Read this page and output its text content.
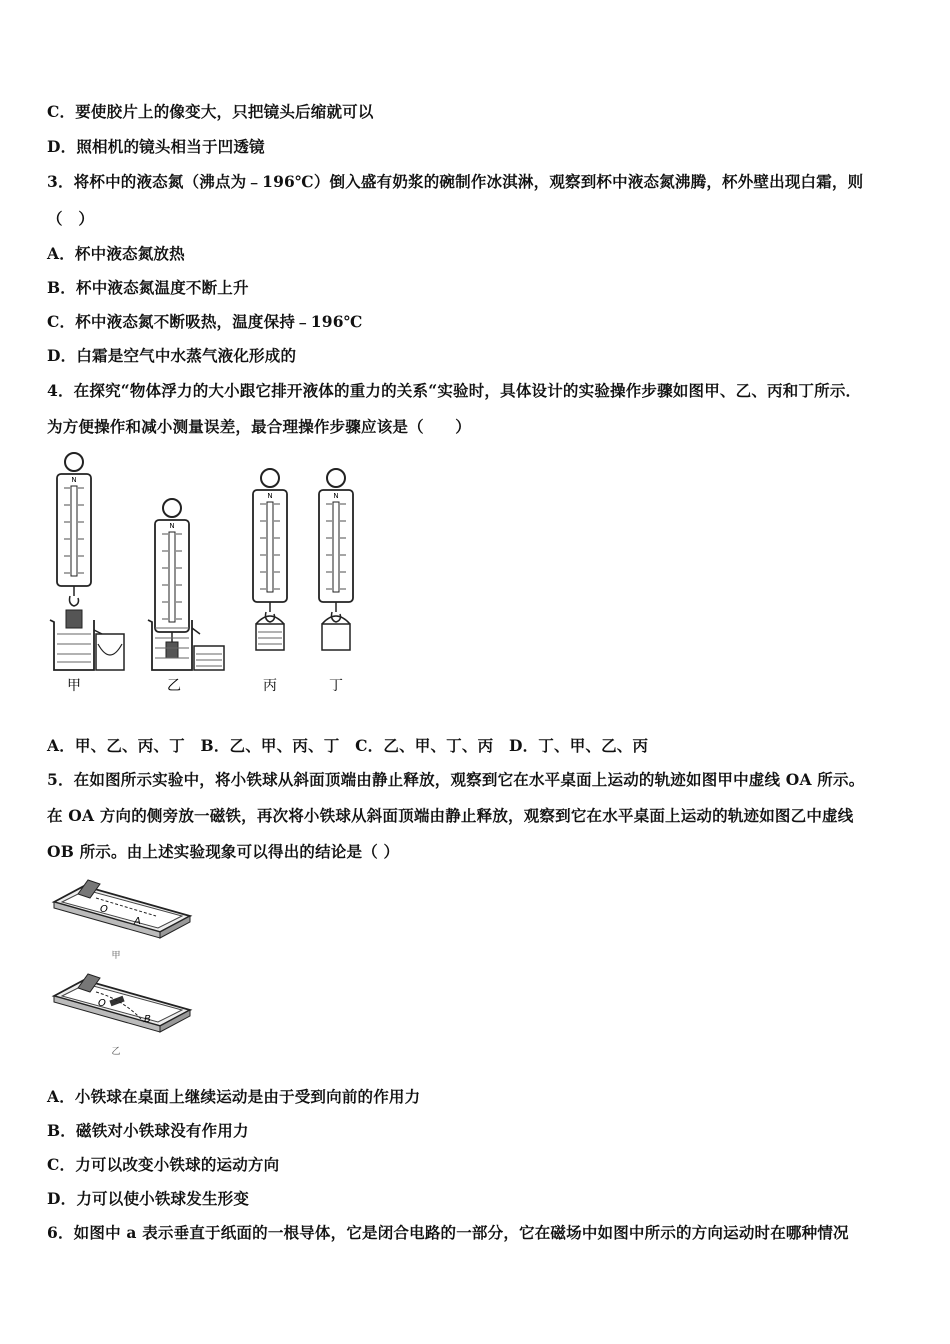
C．要使胶片上的像变大，只把镜头后缩就可以
D．照相机的镜头相当于凹透镜
3．将杯中的液态氮（沸点为﹣196℃）倒入盛有奶浆的碗制作冰淇淋，观察到杯中液态氮沸腾，杯外壁出现白霜，则
（　）
A．杯中液态氮放热
B．杯中液态氮温度不断上升
C．杯中液态氮不断吸热，温度保持﹣196℃
D．白霜是空气中水蒸气液化形成的
4．在探究“物体浮力的大小跟它排开液体的重力的关系“实验时，具体设计的实验操作步骤如图甲、乙、丙和丁所示．
为方便操作和减小测量误差，最合理操作步骤应该是（　　）
N
甲
N
乙
N
丙
N
丁
A．甲、乙、丙、丁　B．乙、甲、丙、丁　C．乙、甲、丁、丙　D．丁、甲、乙、丙
5．在如图所示实验中，将小铁球从斜面顶端由静止释放，观察到它在水平桌面上运动的轨迹如图甲中虚线 OA 所示。
在 OA 方向的侧旁放一磁铁，再次将小铁球从斜面顶端由静止释放，观察到它在水平桌面上运动的轨迹如图乙中虚线
OB 所示。由上述实验现象可以得出的结论是（ ）
O
A
甲
O
B
乙
A．小铁球在桌面上继续运动是由于受到向前的作用力
B．磁铁对小铁球没有作用力
C．力可以改变小铁球的运动方向
D．力可以使小铁球发生形变
6．如图中 a 表示垂直于纸面的一根导体，它是闭合电路的一部分，它在磁场中如图中所示的方向运动时在哪种情况
